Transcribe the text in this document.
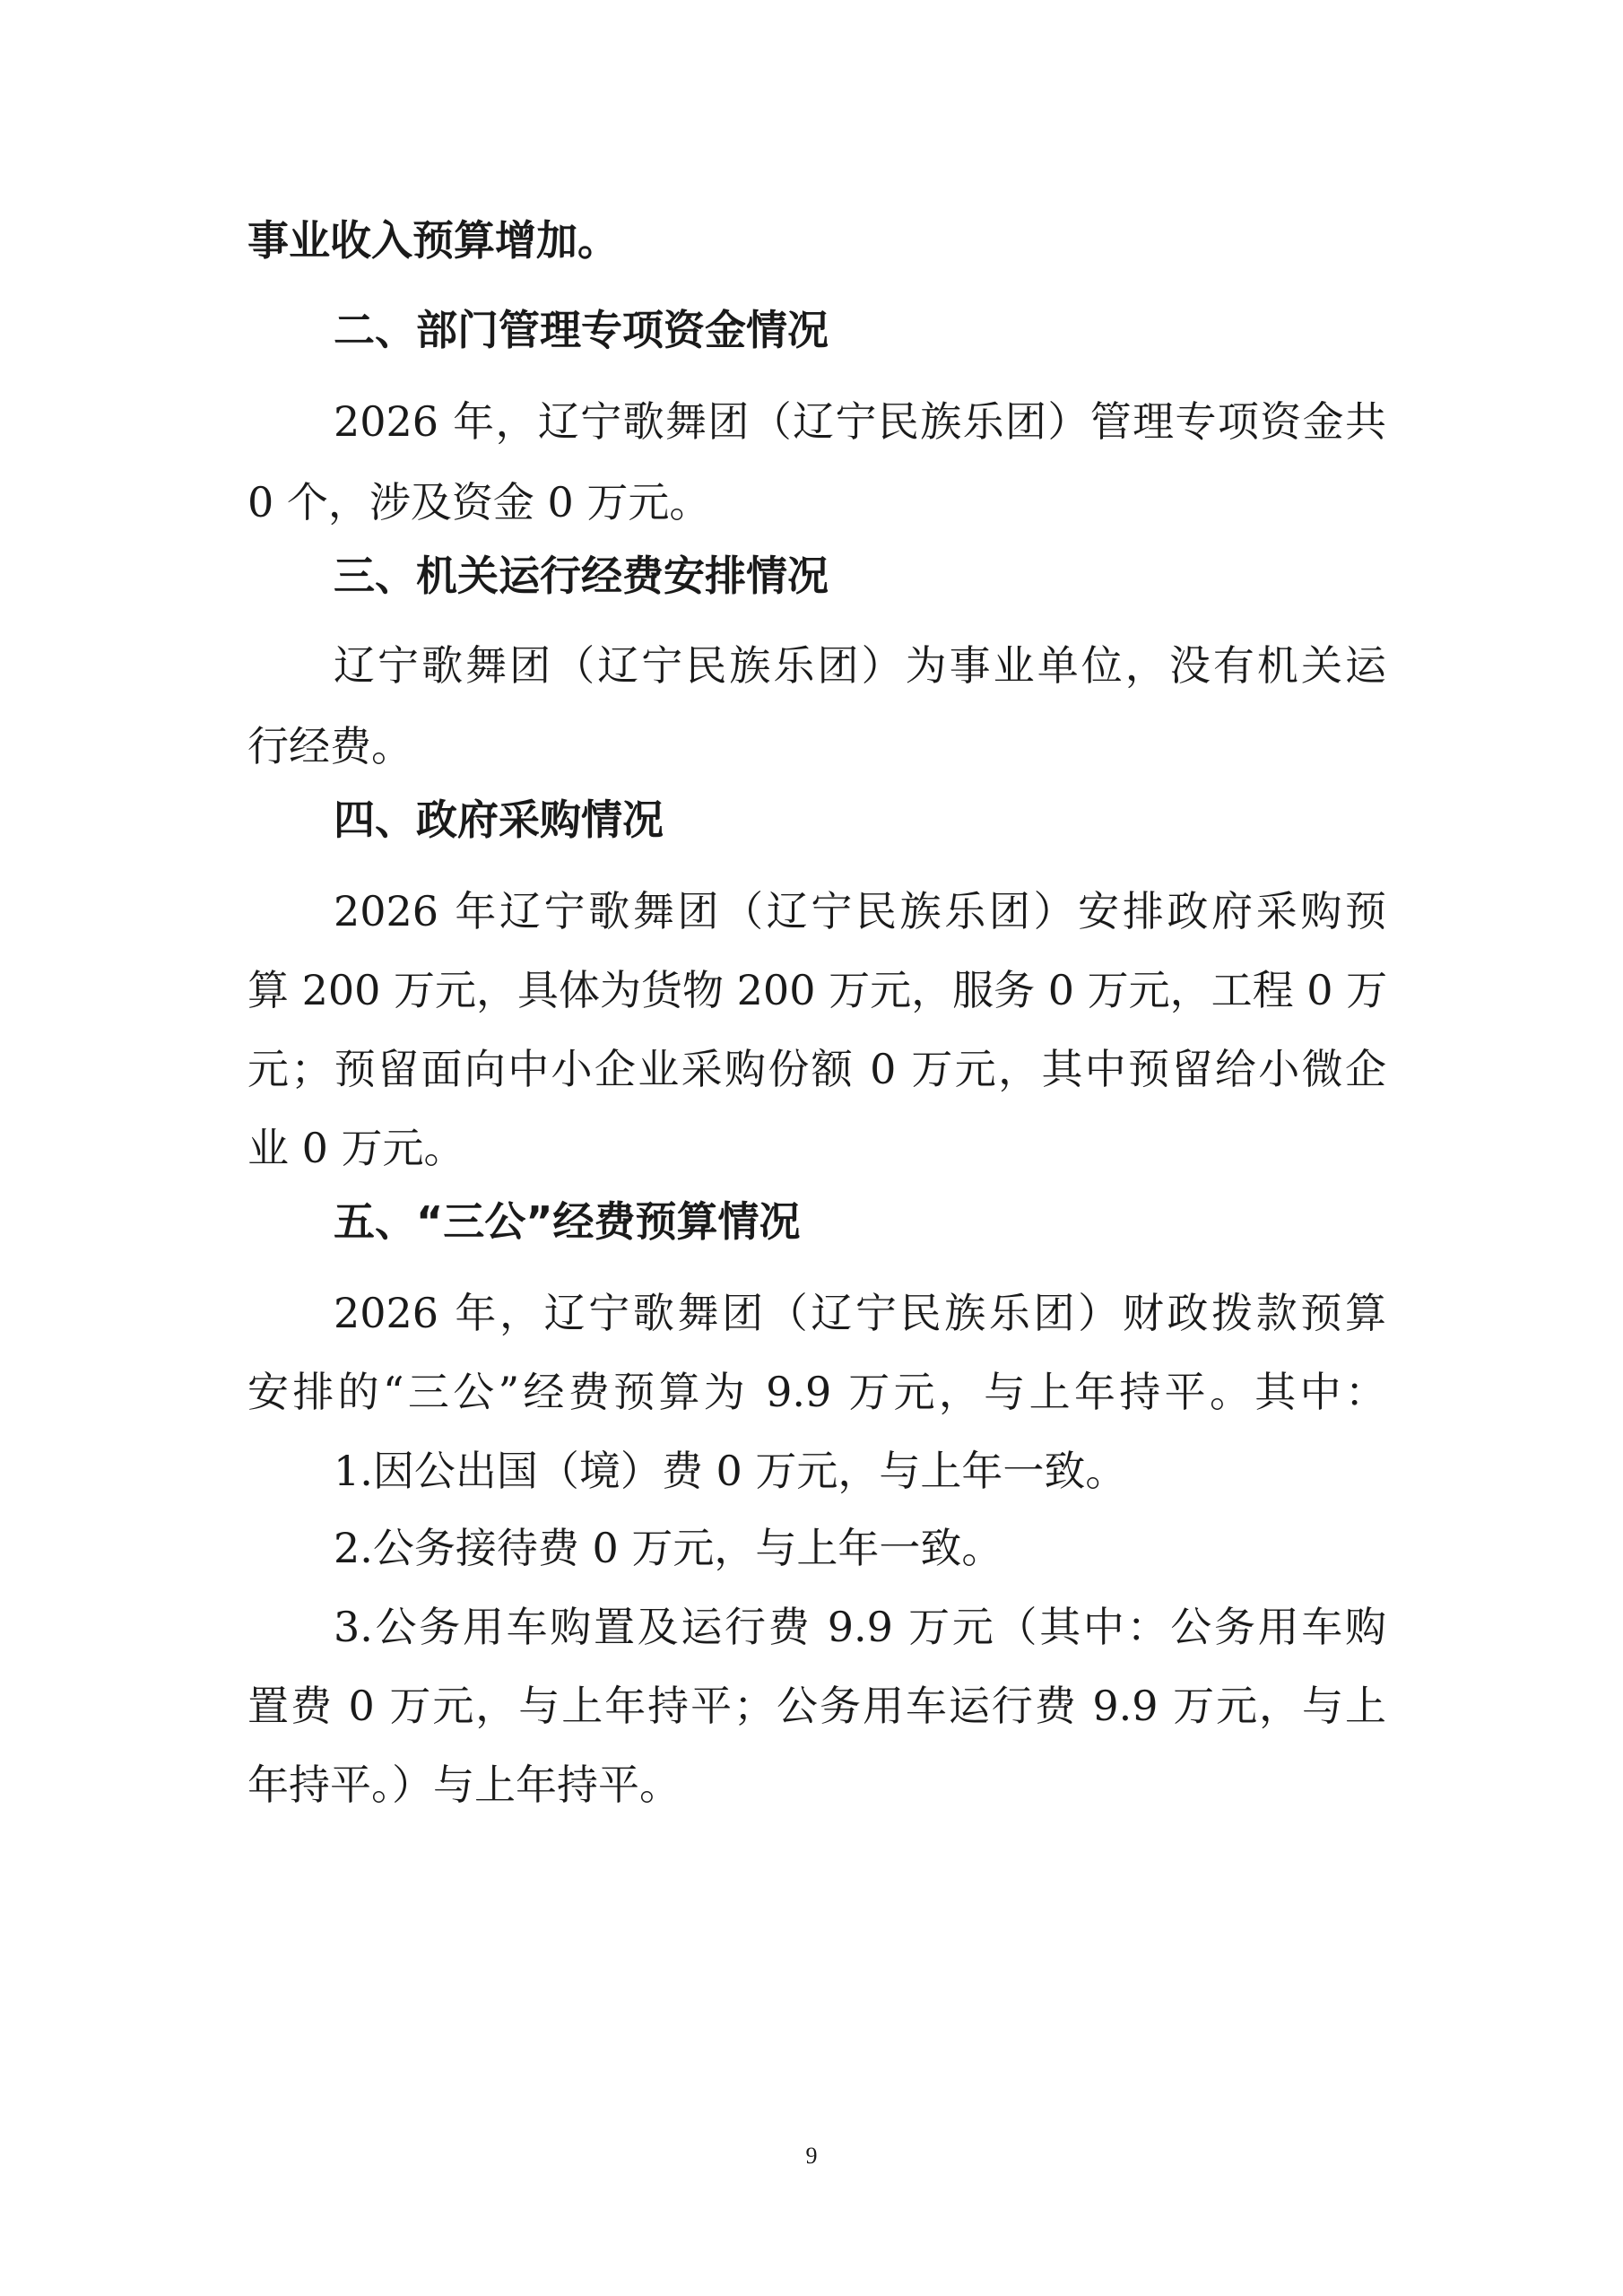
事业收入预算增加。
二、部门管理专项资金情况
2026 年，辽宁歌舞团（辽宁民族乐团）管理专项资金共
0 个，涉及资金 0 万元。
三、机关运行经费安排情况
辽宁歌舞团（辽宁民族乐团）为事业单位，没有机关运
行经费。
四、政府采购情况
2026 年辽宁歌舞团（辽宁民族乐团）安排政府采购预
算 200 万元，具体为货物 200 万元，服务 0 万元，工程 0 万
元；预留面向中小企业采购份额 0 万元，其中预留给小微企
业 0 万元。
五、“三公”经费预算情况
2026 年，辽宁歌舞团（辽宁民族乐团）财政拨款预算
安排的“三公”经费预算为 9.9 万元，与上年持平。其中：
1.因公出国（境）费 0 万元，与上年一致。
2.公务接待费 0 万元，与上年一致。
3.公务用车购置及运行费 9.9 万元（其中：公务用车购
置费 0 万元，与上年持平；公务用车运行费 9.9 万元，与上
年持平。）与上年持平。
9
